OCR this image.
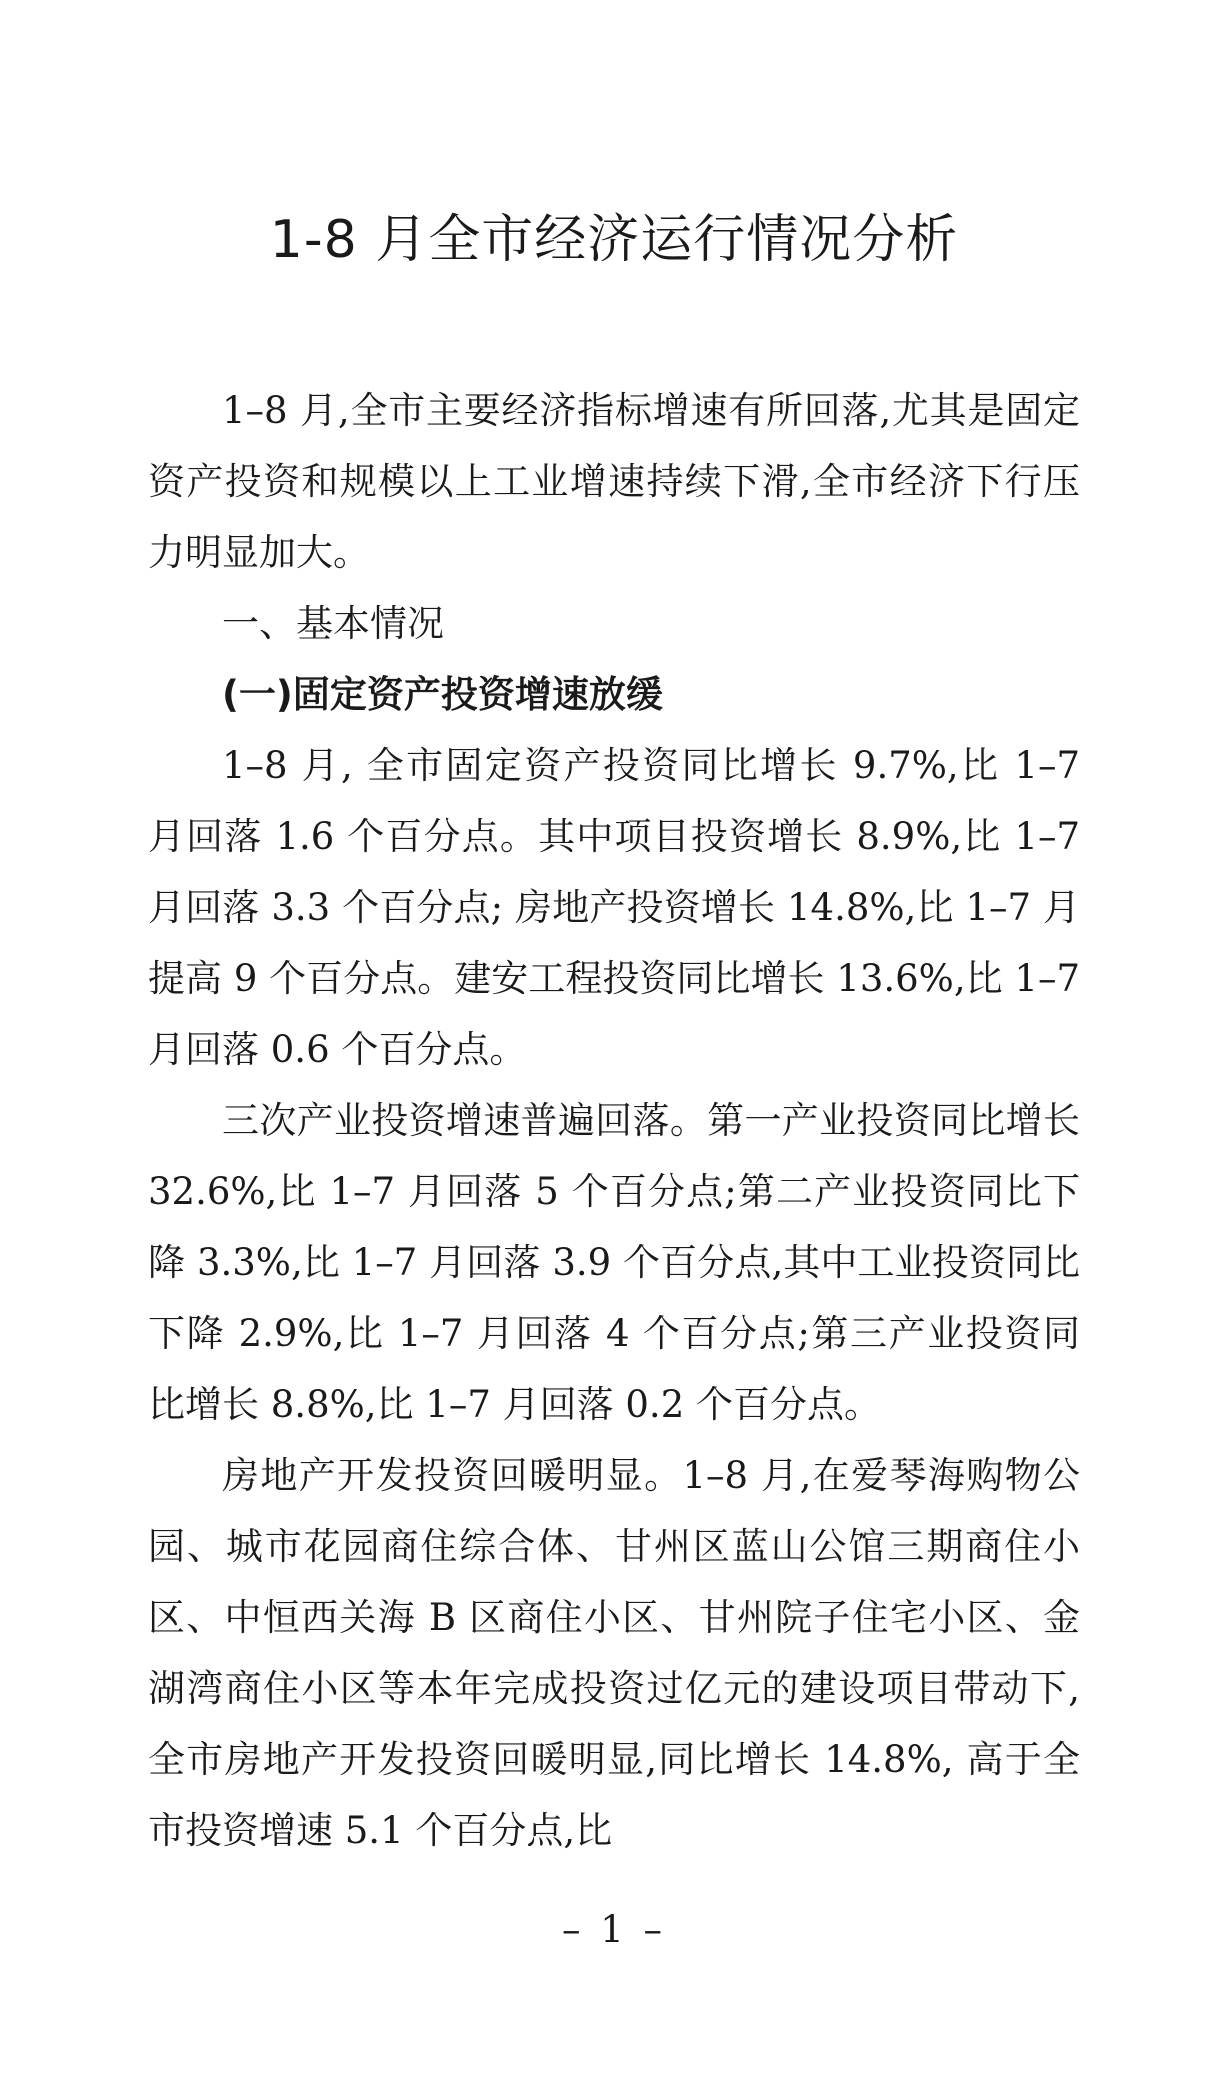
1-8 月全市经济运行情况分析

1–8 月,全市主要经济指标增速有所回落,尤其是固定资产投资和规模以上工业增速持续下滑,全市经济下行压力明显加大。

一、基本情况

(一)固定资产投资增速放缓

1–8 月, 全市固定资产投资同比增长 9.7%,比 1–7 月回落 1.6 个百分点。其中项目投资增长 8.9%,比 1–7 月回落 3.3 个百分点; 房地产投资增长 14.8%,比 1–7 月提高 9 个百分点。建安工程投资同比增长 13.6%,比 1–7 月回落 0.6 个百分点。

三次产业投资增速普遍回落。第一产业投资同比增长 32.6%,比 1–7 月回落 5 个百分点;第二产业投资同比下降 3.3%,比 1–7 月回落 3.9 个百分点,其中工业投资同比下降 2.9%,比 1–7 月回落 4 个百分点;第三产业投资同比增长 8.8%,比 1–7 月回落 0.2 个百分点。

房地产开发投资回暖明显。1–8 月,在爱琴海购物公园、城市花园商住综合体、甘州区蓝山公馆三期商住小区、中恒西关海 B 区商住小区、甘州院子住宅小区、金湖湾商住小区等本年完成投资过亿元的建设项目带动下,全市房地产开发投资回暖明显,同比增长 14.8%, 高于全市投资增速 5.1 个百分点,比

– 1 –
